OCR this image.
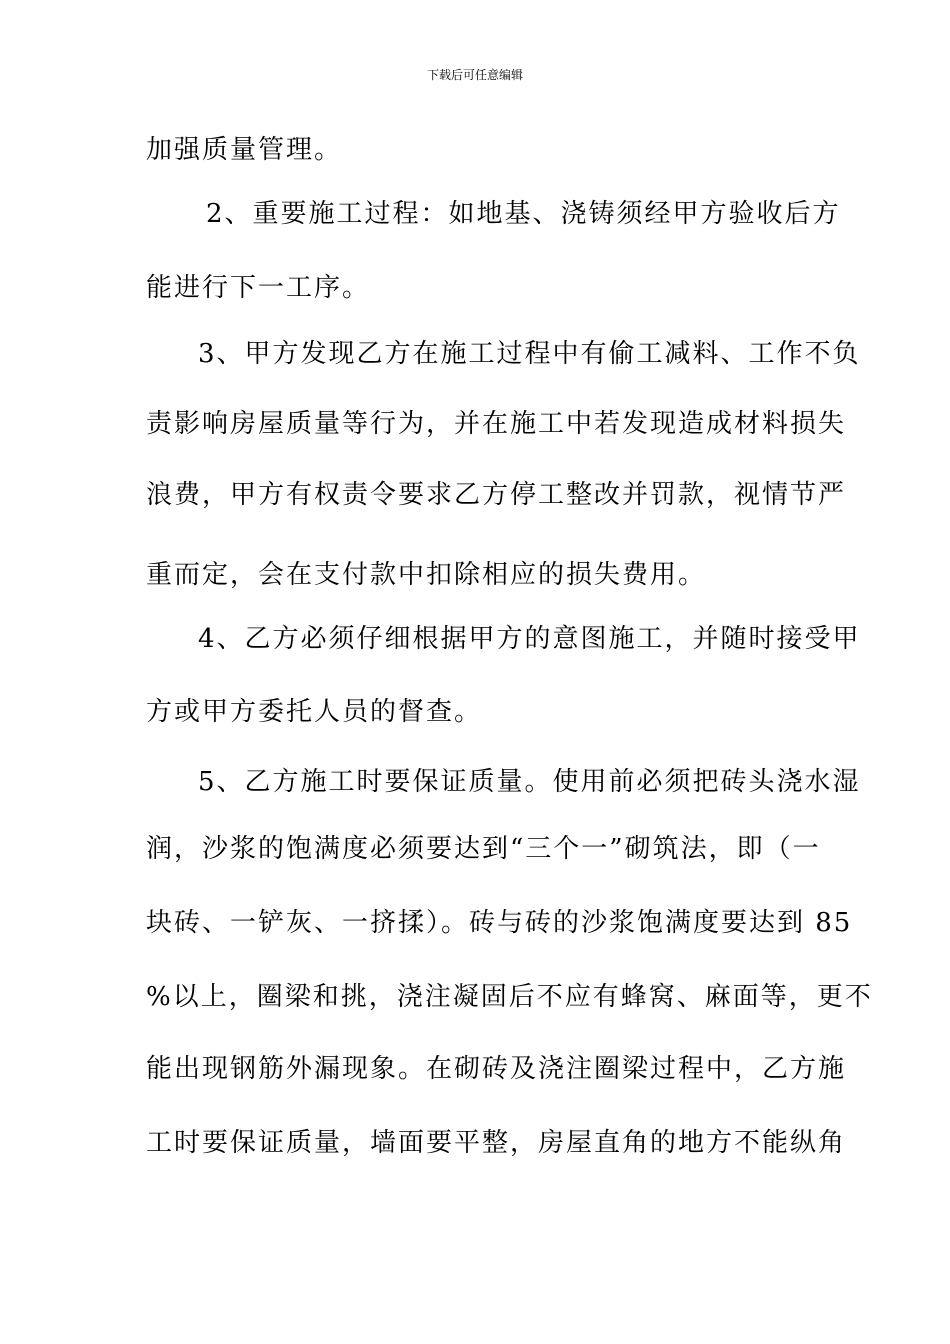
下载后可任意编辑
加强质量管理。
2、重要施工过程：如地基、浇铸须经甲方验收后方
能进行下一工序。
3、甲方发现乙方在施工过程中有偷工减料、工作不负
责影响房屋质量等行为，并在施工中若发现造成材料损失
浪费，甲方有权责令要求乙方停工整改并罚款，视情节严
重而定，会在支付款中扣除相应的损失费用。
4、乙方必须仔细根据甲方的意图施工，并随时接受甲
方或甲方委托人员的督查。
5、乙方施工时要保证质量。使用前必须把砖头浇水湿
润，沙浆的饱满度必须要达到“三个一”砌筑法，即（一
块砖、一铲灰、一挤揉）。砖与砖的沙浆饱满度要达到 85
%以上，圈梁和挑，浇注凝固后不应有蜂窝、麻面等，更不
能出现钢筋外漏现象。在砌砖及浇注圈梁过程中，乙方施
工时要保证质量，墙面要平整，房屋直角的地方不能纵角
